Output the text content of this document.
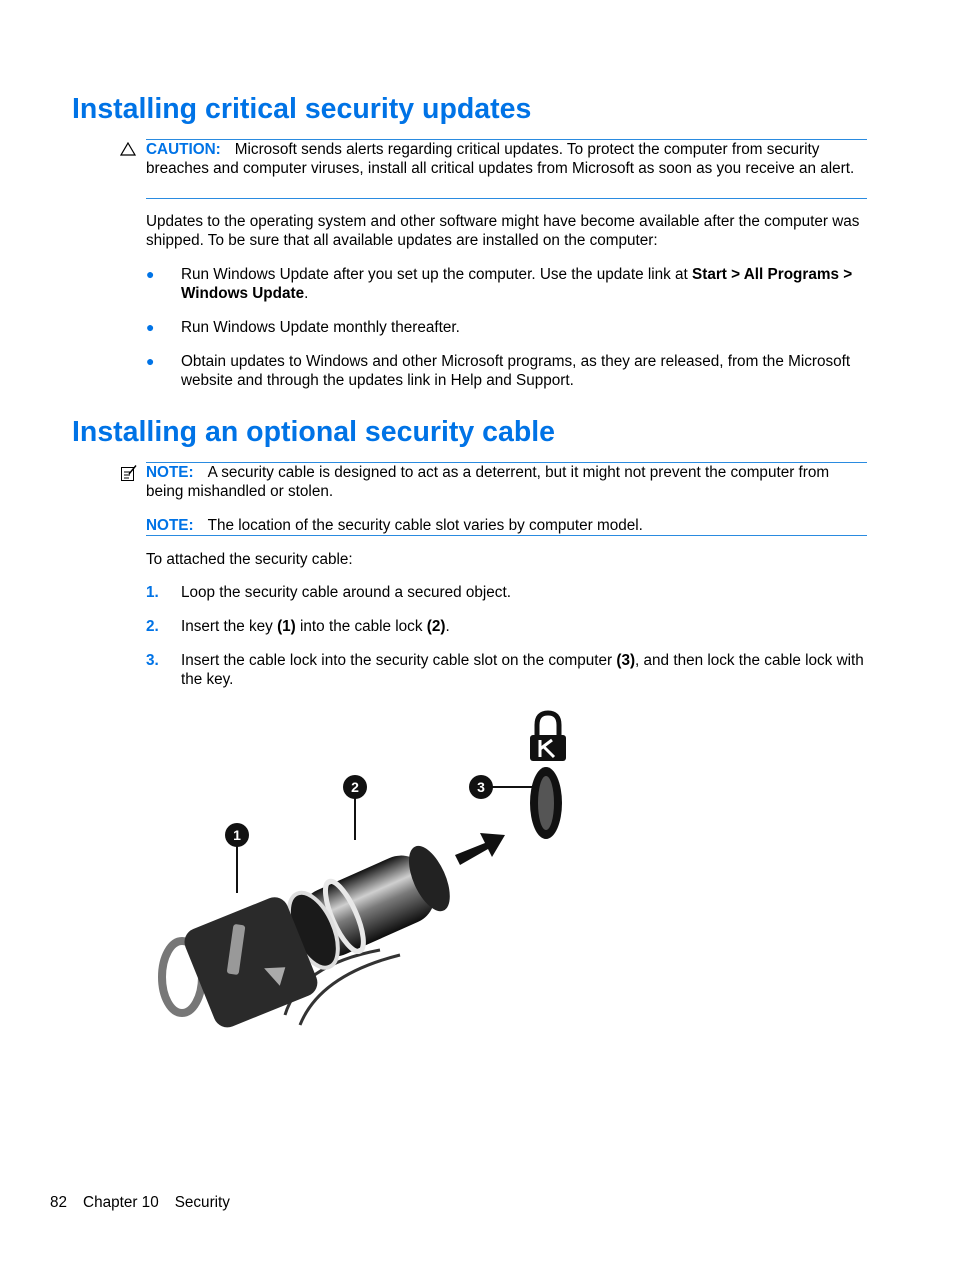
Installing critical security updates
CAUTION: Microsoft sends alerts regarding critical updates. To protect the computer from security breaches and computer viruses, install all critical updates from Microsoft as soon as you receive an alert.
Updates to the operating system and other software might have become available after the computer was shipped. To be sure that all available updates are installed on the computer:
● Run Windows Update after you set up the computer. Use the update link at Start > All Programs > Windows Update.
● Run Windows Update monthly thereafter.
● Obtain updates to Windows and other Microsoft programs, as they are released, from the Microsoft website and through the updates link in Help and Support.
Installing an optional security cable
NOTE: A security cable is designed to act as a deterrent, but it might not prevent the computer from being mishandled or stolen.
NOTE: The location of the security cable slot varies by computer model.
To attached the security cable:
1. Loop the security cable around a secured object.
2. Insert the key (1) into the cable lock (2).
3. Insert the cable lock into the security cable slot on the computer (3), and then lock the cable lock with the key.
1
2	3
82 Chapter 10 Security
